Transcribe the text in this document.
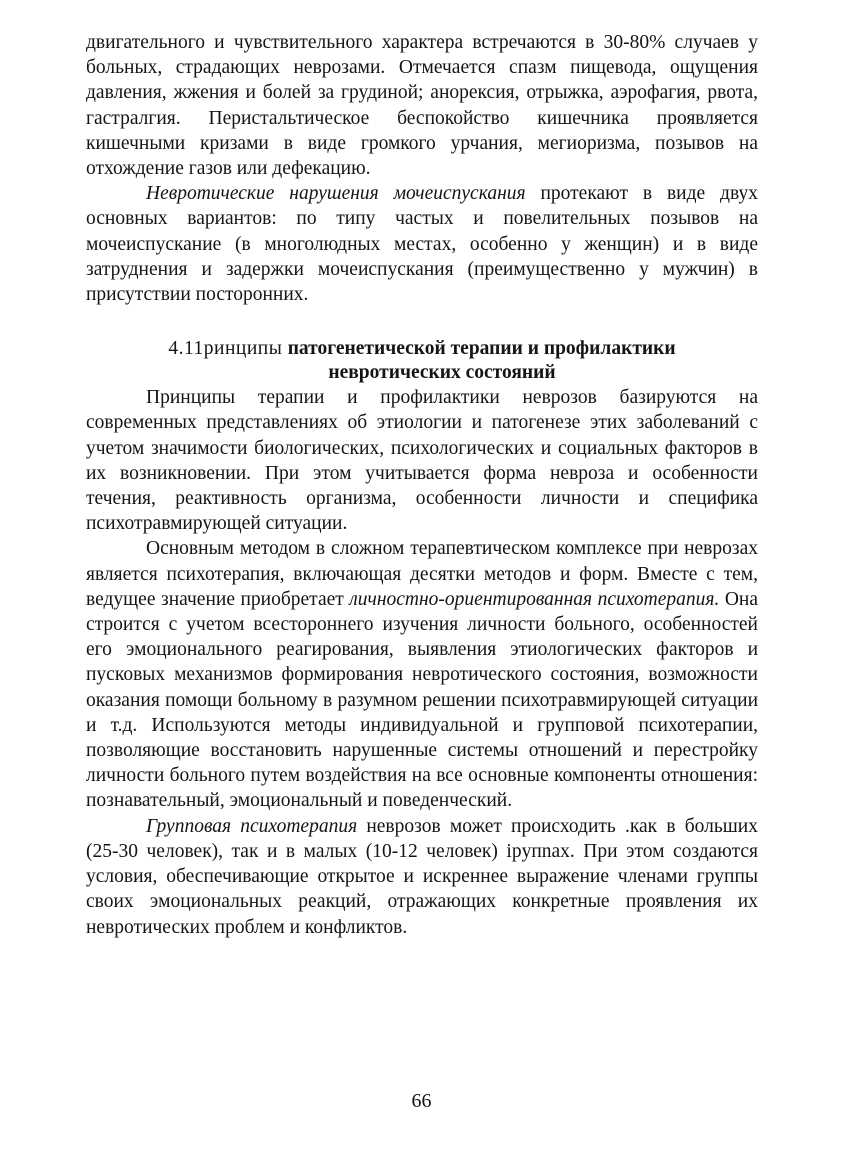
двигательного и чувствительного характера встречаются в 30-80% случаев у больных, страдающих неврозами. Отмечается спазм пищевода, ощущения давления, жжения и болей за грудиной; анорексия, отрыжка, аэрофагия, рвота, гастралгия. Перистальтическое беспокойство кишечника проявляется кишечными кризами в виде громкого урчания, мегиоризма, позывов на отхождение газов или дефекацию.

Невротические нарушения мочеиспускания протекают в виде двух основных вариантов: по типу частых и повелительных позывов на мочеиспускание (в многолюдных местах, особенно у женщин) и в виде затруднения и задержки мочеиспускания (преимущественно у мужчин) в присутствии посторонних.

4.11ринципы патогенетической терапии и профилактики

невротических состояний

Принципы терапии и профилактики неврозов базируются на современных представлениях об этиологии и патогенезе этих заболеваний с учетом значимости биологических, психологических и социальных факторов в их возникновении. При этом учитывается форма невроза и особенности течения, реактивность организма, особенности личности и специфика психотравмирующей ситуации.

Основным методом в сложном терапевтическом комплексе при неврозах является психотерапия, включающая десятки методов и форм. Вместе с тем, ведущее значение приобретает личностно-ориентированная психотерапия. Она строится с учетом всестороннего изучения личности больного, особенностей его эмоционального реагирования, выявления этиологических факторов и пусковых механизмов формирования невротического состояния, возможности оказания помощи больному в разумном решении психотравмирующей ситуации и т.д. Используются методы индивидуальной и групповой психотерапии, позволяющие восстановить нарушенные системы отношений и перестройку личности больного путем воздействия на все основные компоненты отношения: познавательный, эмоциональный и поведенческий.

Групповая психотерапия неврозов может происходить .как в больших (25-30 человек), так и в малых (10-12 человек) iрyпnax. При этом создаются условия, обеспечивающие открытое и искреннее выражение членами группы своих эмоциональных реакций, отражающих конкретные проявления их невротических проблем и конфликтов.

66
